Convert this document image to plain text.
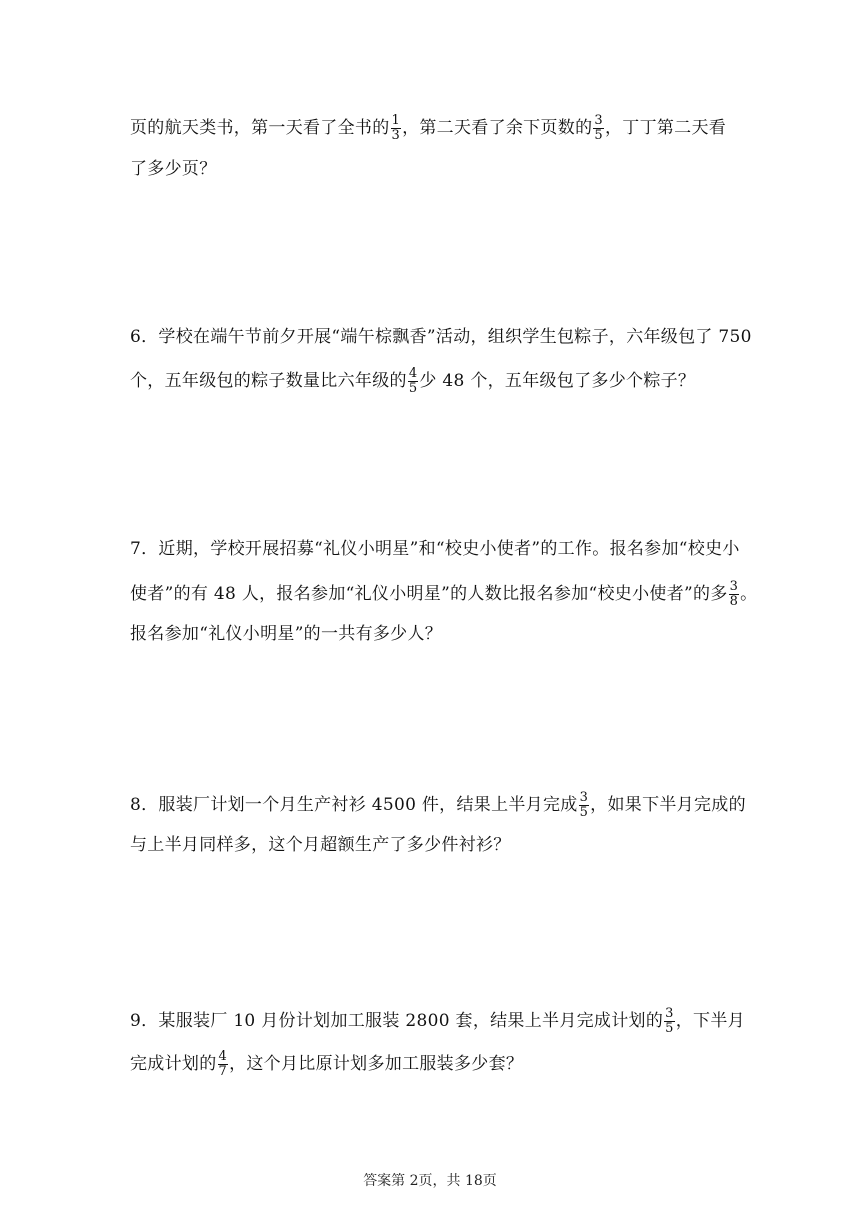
页的航天类书，第一天看了全书的 $\frac{1}{3}$ ，第二天看了余下页数的 $\frac{3}{5}$ ，丁丁第二天看
了多少页？
6．学校在端午节前夕开展“端午棕飘香”活动，组织学生包粽子，六年级包了 750
个，五年级包的粽子数量比六年级的 $\frac{4}{5}$ 少 48 个，五年级包了多少个粽子？
7．近期，学校开展招募“礼仪小明星”和“校史小使者”的工作。报名参加“校史小
使者”的有 48 人，报名参加“礼仪小明星”的人数比报名参加“校史小使者”的多 $\frac{3}{8}$ 。
报名参加“礼仪小明星”的一共有多少人？
8．服装厂计划一个月生产衬衫 4500 件，结果上半月完成 $\frac{3}{5}$ ，如果下半月完成的
与上半月同样多，这个月超额生产了多少件衬衫？
9．某服装厂 10 月份计划加工服装 2800 套，结果上半月完成计划的 $\frac{3}{5}$ ，下半月
完成计划的 $\frac{4}{7}$ ，这个月比原计划多加工服装多少套？
答案第 2页，共 18页
